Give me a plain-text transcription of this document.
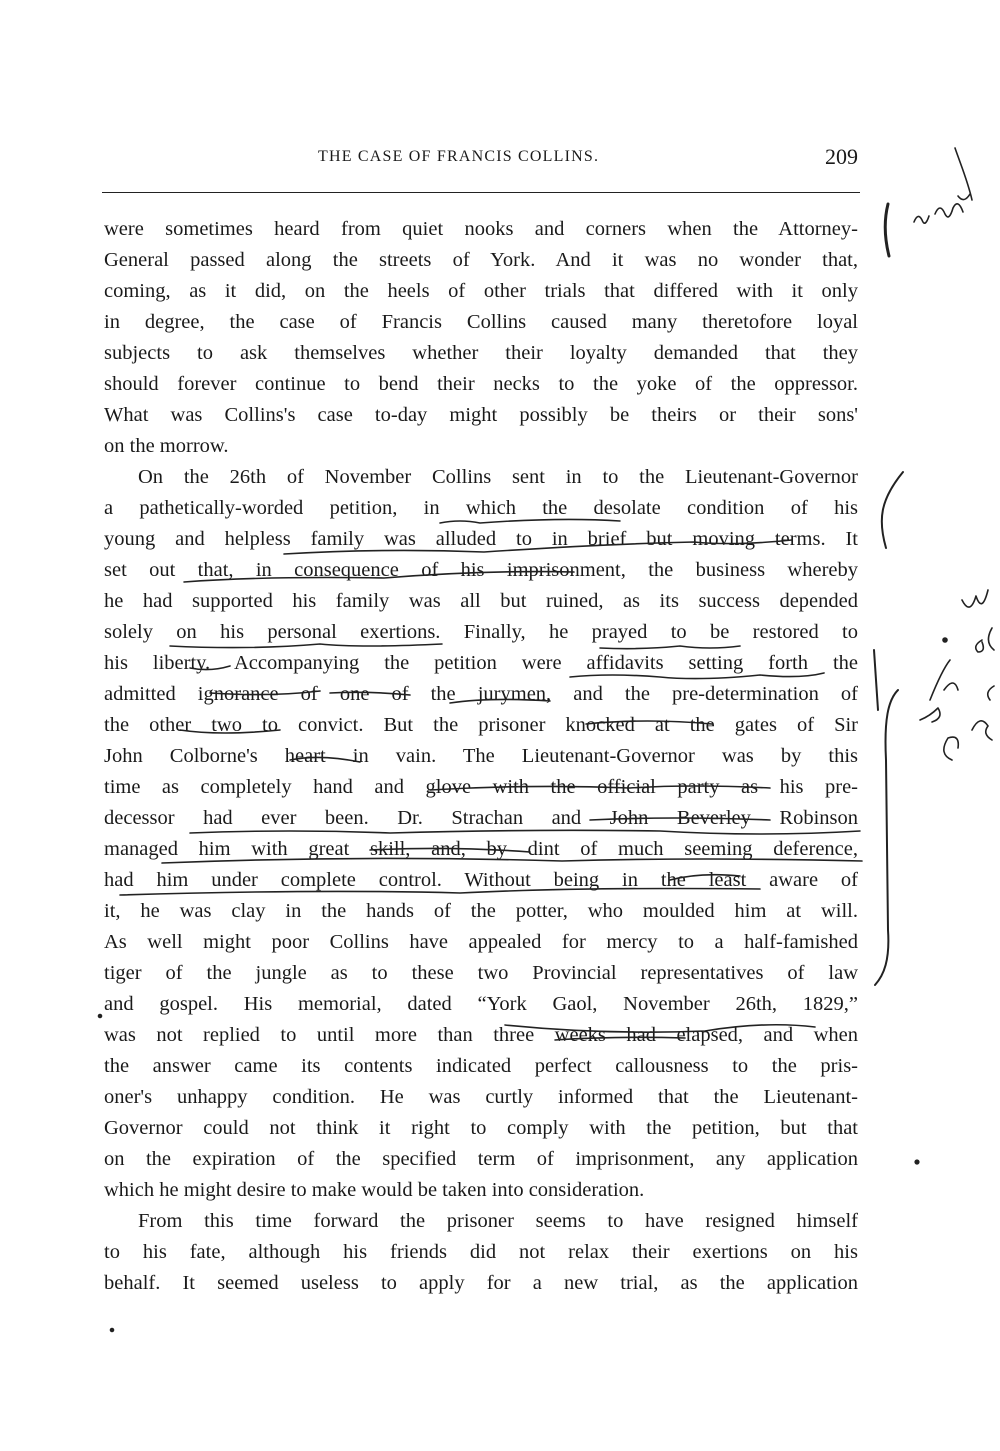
THE CASE OF FRANCIS COLLINS.	209
were sometimes heard from quiet nooks and corners when the Attorney-
General passed along the streets of York. And it was no wonder that,
coming, as it did, on the heels of other trials that differed with it only
in degree, the case of Francis Collins caused many theretofore loyal
subjects to ask themselves whether their loyalty demanded that they
should forever continue to bend their necks to the yoke of the oppressor.
What was Collins's case to-day might possibly be theirs or their sons'
on the morrow.
On the 26th of November Collins sent in to the Lieutenant-Governor
a pathetically-worded petition, in which the desolate condition of his
young and helpless family was alluded to in brief but moving terms. It
set out that, in consequence of his imprisonment, the business whereby
he had supported his family was all but ruined, as its success depended
solely on his personal exertions. Finally, he prayed to be restored to
his liberty. Accompanying the petition were affidavits setting forth the
admitted ignorance of one of the jurymen, and the pre-determination of
the other two to convict. But the prisoner knocked at the gates of Sir
John Colborne's heart in vain. The Lieutenant-Governor was by this
time as completely hand and glove with the official party as his pre-
decessor had ever been. Dr. Strachan and John Beverley Robinson
managed him with great skill, and, by dint of much seeming deference,
had him under complete control. Without being in the least aware of
it, he was clay in the hands of the potter, who moulded him at will.
As well might poor Collins have appealed for mercy to a half-famished
tiger of the jungle as to these two Provincial representatives of law
and gospel. His memorial, dated “York Gaol, November 26th, 1829,”
was not replied to until more than three weeks had elapsed, and when
the answer came its contents indicated perfect callousness to the pris-
oner's unhappy condition. He was curtly informed that the Lieutenant-
Governor could not think it right to comply with the petition, but that
on the expiration of the specified term of imprisonment, any application
which he might desire to make would be taken into consideration.
From this time forward the prisoner seems to have resigned himself
to his fate, although his friends did not relax their exertions on his
behalf. It seemed useless to apply for a new trial, as the application
